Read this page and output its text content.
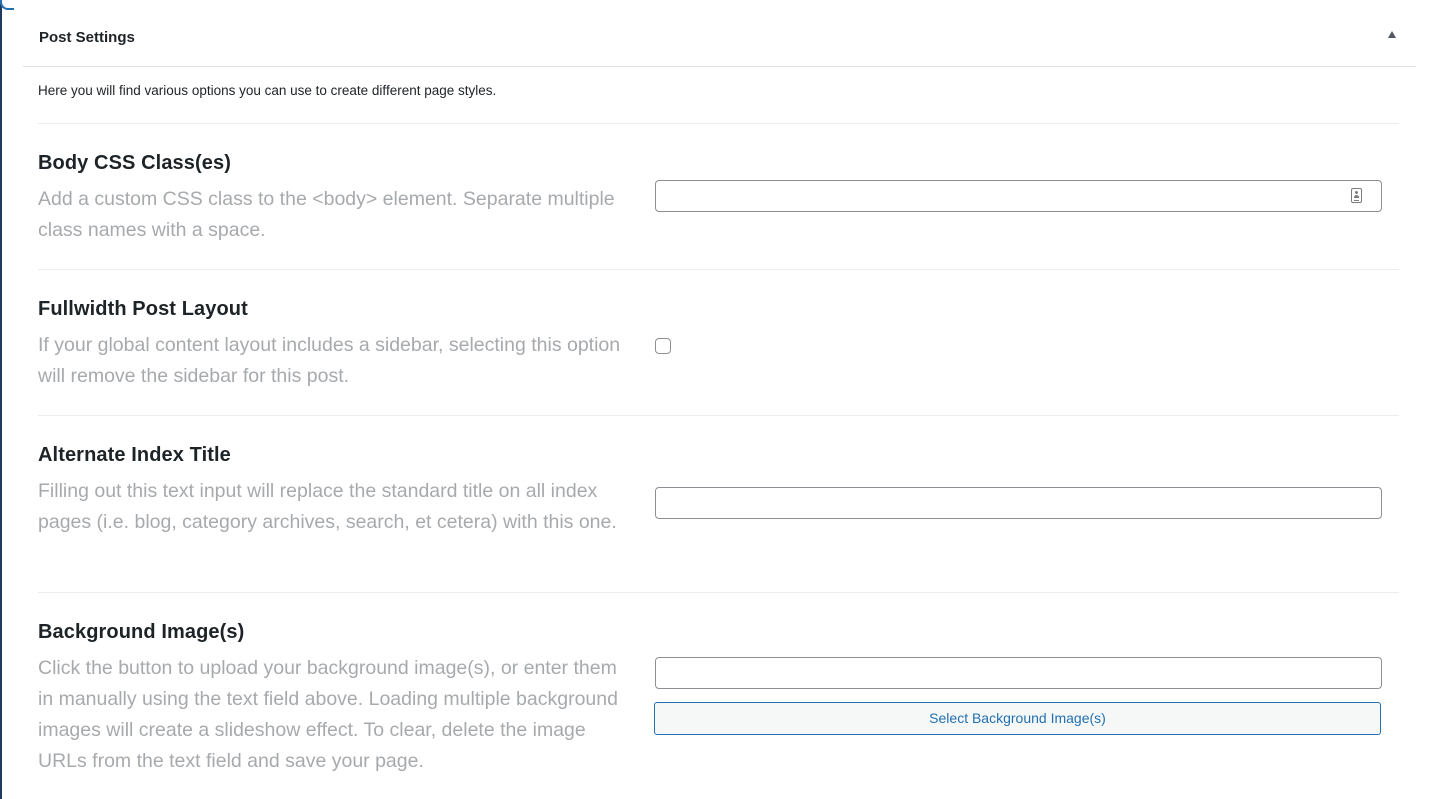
Post Settings
Here you will find various options you can use to create different page styles.
Body CSS Class(es)
Add a custom CSS class to the <body> element. Separate multiple class names with a space.
Fullwidth Post Layout
If your global content layout includes a sidebar, selecting this option will remove the sidebar for this post.
Alternate Index Title
Filling out this text input will replace the standard title on all index pages (i.e. blog, category archives, search, et cetera) with this one.
Background Image(s)
Click the button to upload your background image(s), or enter them in manually using the text field above. Loading multiple background images will create a slideshow effect. To clear, delete the image URLs from the text field and save your page.
Select Background Image(s)
